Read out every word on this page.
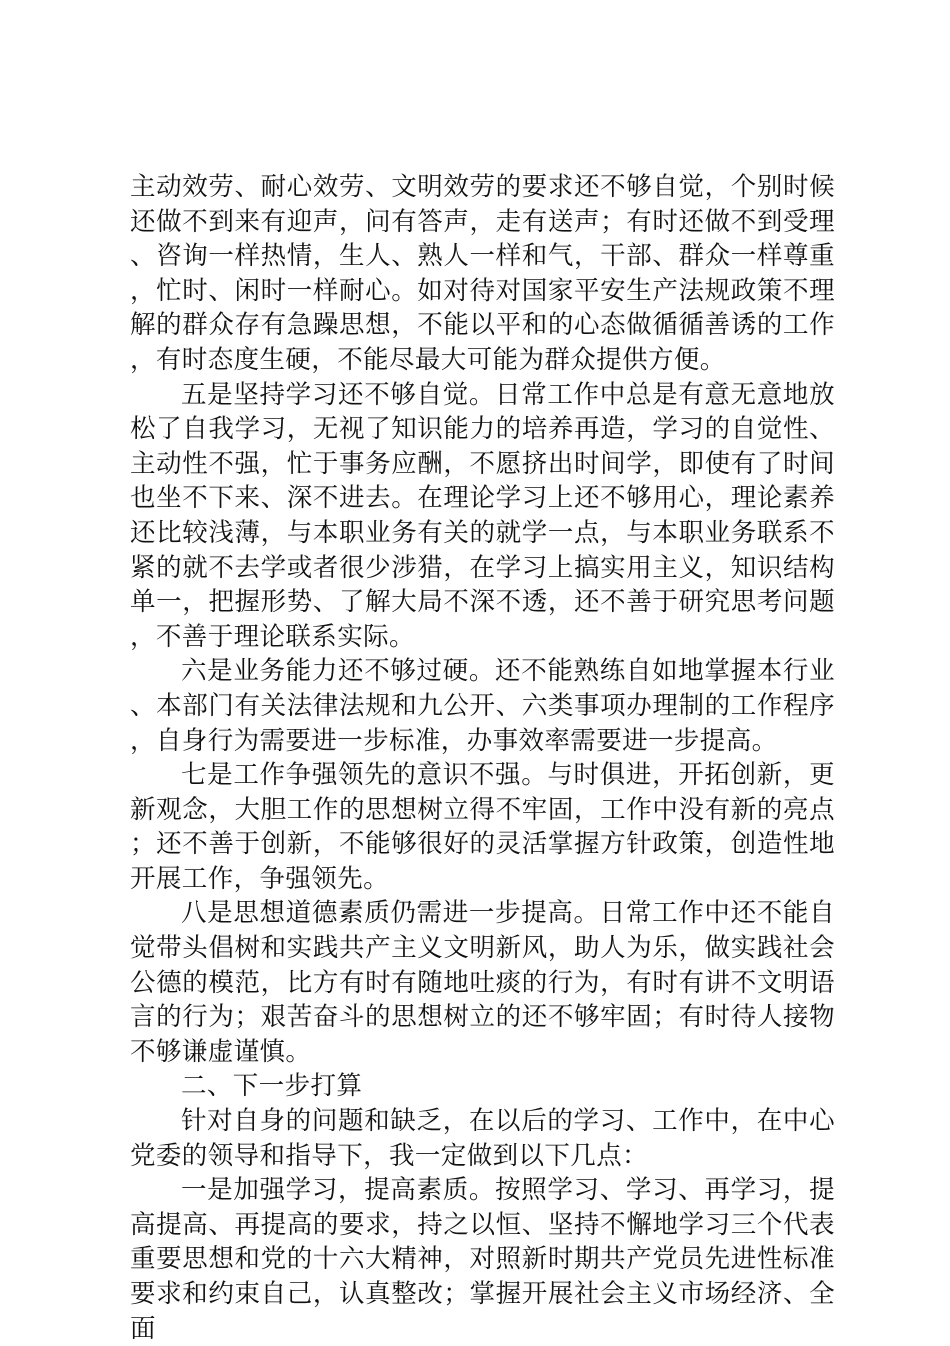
主动效劳、耐心效劳、文明效劳的要求还不够自觉，个别时候还做不到来有迎声，问有答声，走有送声；有时还做不到受理、咨询一样热情，生人、熟人一样和气，干部、群众一样尊重，忙时、闲时一样耐心。如对待对国家平安生产法规政策不理解的群众存有急躁思想，不能以平和的心态做循循善诱的工作，有时态度生硬，不能尽最大可能为群众提供方便。

五是坚持学习还不够自觉。日常工作中总是有意无意地放松了自我学习，无视了知识能力的培养再造，学习的自觉性、主动性不强，忙于事务应酬，不愿挤出时间学，即使有了时间也坐不下来、深不进去。在理论学习上还不够用心，理论素养还比较浅薄，与本职业务有关的就学一点，与本职业务联系不紧的就不去学或者很少涉猎，在学习上搞实用主义，知识结构单一，把握形势、了解大局不深不透，还不善于研究思考问题，不善于理论联系实际。

六是业务能力还不够过硬。还不能熟练自如地掌握本行业、本部门有关法律法规和九公开、六类事项办理制的工作程序，自身行为需要进一步标准，办事效率需要进一步提高。

七是工作争强领先的意识不强。与时俱进，开拓创新，更新观念，大胆工作的思想树立得不牢固，工作中没有新的亮点；还不善于创新，不能够很好的灵活掌握方针政策，创造性地开展工作，争强领先。

八是思想道德素质仍需进一步提高。日常工作中还不能自觉带头倡树和实践共产主义文明新风，助人为乐，做实践社会公德的模范，比方有时有随地吐痰的行为，有时有讲不文明语言的行为；艰苦奋斗的思想树立的还不够牢固；有时待人接物不够谦虚谨慎。

二、下一步打算

针对自身的问题和缺乏，在以后的学习、工作中，在中心党委的领导和指导下，我一定做到以下几点：

一是加强学习，提高素质。按照学习、学习、再学习，提高提高、再提高的要求，持之以恒、坚持不懈地学习三个代表重要思想和党的十六大精神，对照新时期共产党员先进性标准要求和约束自己，认真整改；掌握开展社会主义市场经济、全面
